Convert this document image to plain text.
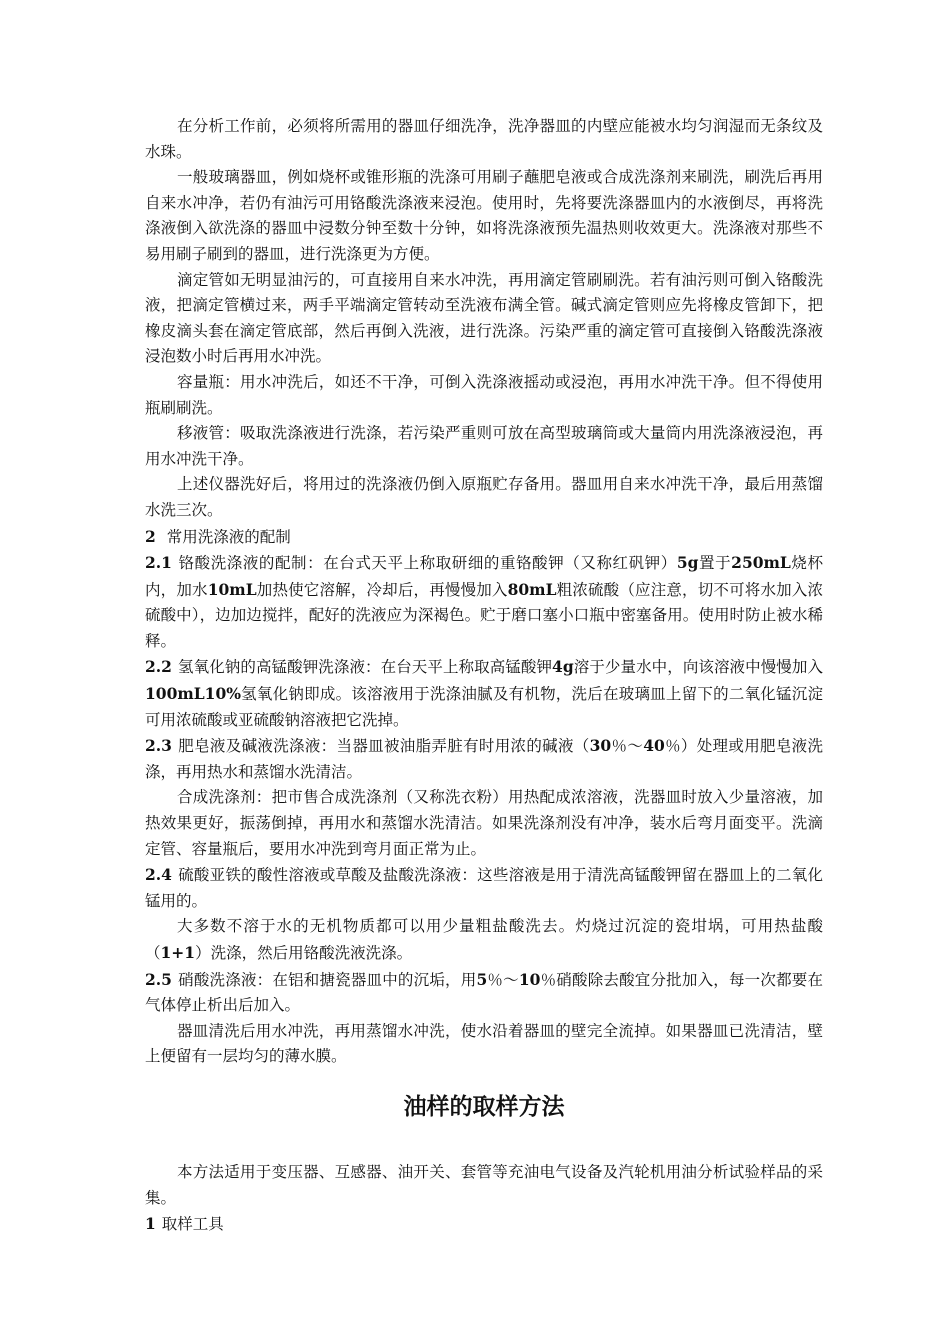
在分析工作前，必须将所需用的器皿仔细洗净，洗净器皿的内壁应能被水均匀润湿而无条纹及水珠。

一般玻璃器皿，例如烧杯或锥形瓶的洗涤可用刷子蘸肥皂液或合成洗涤剂来刷洗，刷洗后再用自来水冲净，若仍有油污可用铬酸洗涤液来浸泡。使用时，先将要洗涤器皿内的水液倒尽，再将洗涤液倒入欲洗涤的器皿中浸数分钟至数十分钟，如将洗涤液预先温热则收效更大。洗涤液对那些不易用刷子刷到的器皿，进行洗涤更为方便。

滴定管如无明显油污的，可直接用自来水冲洗，再用滴定管刷刷洗。若有油污则可倒入铬酸洗液，把滴定管横过来，两手平端滴定管转动至洗液布满全管。碱式滴定管则应先将橡皮管卸下，把橡皮滴头套在滴定管底部，然后再倒入洗液，进行洗涤。污染严重的滴定管可直接倒入铬酸洗涤液浸泡数小时后再用水冲洗。

容量瓶：用水冲洗后，如还不干净，可倒入洗涤液摇动或浸泡，再用水冲洗干净。但不得使用瓶刷刷洗。

移液管：吸取洗涤液进行洗涤，若污染严重则可放在高型玻璃筒或大量筒内用洗涤液浸泡，再用水冲洗干净。

上述仪器洗好后，将用过的洗涤液仍倒入原瓶贮存备用。器皿用自来水冲洗干净，最后用蒸馏水洗三次。

2 常用洗涤液的配制

2.1 铬酸洗涤液的配制：在台式天平上称取研细的重铬酸钾（又称红矾钾）5g置于250mL烧杯内，加水10mL加热使它溶解，冷却后，再慢慢加入80mL粗浓硫酸（应注意，切不可将水加入浓硫酸中），边加边搅拌，配好的洗液应为深褐色。贮于磨口塞小口瓶中密塞备用。使用时防止被水稀释。

2.2 氢氧化钠的高锰酸钾洗涤液：在台天平上称取高锰酸钾4g溶于少量水中，向该溶液中慢慢加入100mL10%氢氧化钠即成。该溶液用于洗涤油腻及有机物，洗后在玻璃皿上留下的二氧化锰沉淀可用浓硫酸或亚硫酸钠溶液把它洗掉。

2.3 肥皂液及碱液洗涤液：当器皿被油脂弄脏有时用浓的碱液（30％～40％）处理或用肥皂液洗涤，再用热水和蒸馏水洗清洁。

合成洗涤剂：把市售合成洗涤剂（又称洗衣粉）用热配成浓溶液，洗器皿时放入少量溶液，加热效果更好，振荡倒掉，再用水和蒸馏水洗清洁。如果洗涤剂没有冲净，装水后弯月面变平。洗滴定管、容量瓶后，要用水冲洗到弯月面正常为止。

2.4 硫酸亚铁的酸性溶液或草酸及盐酸洗涤液：这些溶液是用于清洗高锰酸钾留在器皿上的二氧化锰用的。

大多数不溶于水的无机物质都可以用少量粗盐酸洗去。灼烧过沉淀的瓷坩埚，可用热盐酸（1+1）洗涤，然后用铬酸洗液洗涤。

2.5 硝酸洗涤液：在铝和搪瓷器皿中的沉垢，用5％～10％硝酸除去酸宜分批加入，每一次都要在气体停止析出后加入。

器皿清洗后用水冲洗，再用蒸馏水冲洗，使水沿着器皿的壁完全流掉。如果器皿已洗清洁，壁上便留有一层均匀的薄水膜。

油样的取样方法

本方法适用于变压器、互感器、油开关、套管等充油电气设备及汽轮机用油分析试验样品的采集。

1 取样工具
